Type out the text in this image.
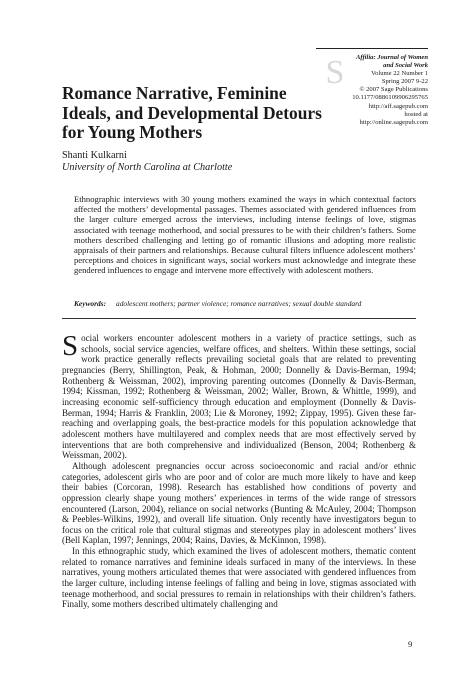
S	Affilia: Journal of Women
and Social Work
Volume 22 Number 1
Spring 2007 9-22
© 2007 Sage Publications
10.1177/0886109906295765
http://aff.sagepub.com
hosted at
http://online.sagepub.com
Romance Narrative, Feminine Ideals, and Developmental Detours for Young Mothers
Shanti Kulkarni
University of North Carolina at Charlotte

Ethnographic interviews with 30 young mothers examined the ways in which contextual factors affected the mothers’ developmental passages. Themes associated with gendered influences from the larger culture emerged across the interviews, including intense feelings of love, stigmas associated with teenage motherhood, and social pressures to be with their children’s fathers. Some mothers described challenging and letting go of romantic illusions and adopting more realistic appraisals of their partners and relationships. Because cultural filters influence adolescent mothers’ perceptions and choices in significant ways, social workers must acknowledge and integrate these gendered influences to engage and intervene more effectively with adolescent mothers.

Keywords: adolescent mothers; partner violence; romance narratives; sexual double standard

Social workers encounter adolescent mothers in a variety of practice settings, such as schools, social service agencies, welfare offices, and shelters. Within these settings, social work practice generally reflects prevailing societal goals that are related to preventing pregnancies (Berry, Shillington, Peak, & Hohman, 2000; Donnelly & Davis-Berman, 1994; Rothenberg & Weissman, 2002), improving parenting outcomes (Donnelly & Davis-Berman, 1994; Kissman, 1992; Rothenberg & Weissman, 2002; Waller, Brown, & Whittle, 1999), and increasing economic self-sufficiency through education and employment (Donnelly & Davis-Berman, 1994; Harris & Franklin, 2003; Lie & Moroney, 1992; Zippay, 1995). Given these far-reaching and overlapping goals, the best-practice models for this population acknowledge that adolescent mothers have multilayered and complex needs that are most effectively served by interventions that are both comprehensive and individualized (Benson, 2004; Rothenberg & Weissman, 2002).

Although adolescent pregnancies occur across socioeconomic and racial and/or ethnic categories, adolescent girls who are poor and of color are much more likely to have and keep their babies (Corcoran, 1998). Research has established how conditions of poverty and oppression clearly shape young mothers’ experiences in terms of the wide range of stressors encountered (Larson, 2004), reliance on social networks (Bunting & McAuley, 2004; Thompson & Peebles-Wilkins, 1992), and overall life situation. Only recently have investigators begun to focus on the critical role that cultural stigmas and stereotypes play in adolescent mothers’ lives (Bell Kaplan, 1997; Jennings, 2004; Rains, Davies, & McKinnon, 1998).

In this ethnographic study, which examined the lives of adolescent mothers, thematic content related to romance narratives and feminine ideals surfaced in many of the interviews. In these narratives, young mothers articulated themes that were associated with gendered influences from the larger culture, including intense feelings of falling and being in love, stigmas associated with teenage motherhood, and social pressures to remain in relationships with their children’s fathers. Finally, some mothers described ultimately challenging and

9
